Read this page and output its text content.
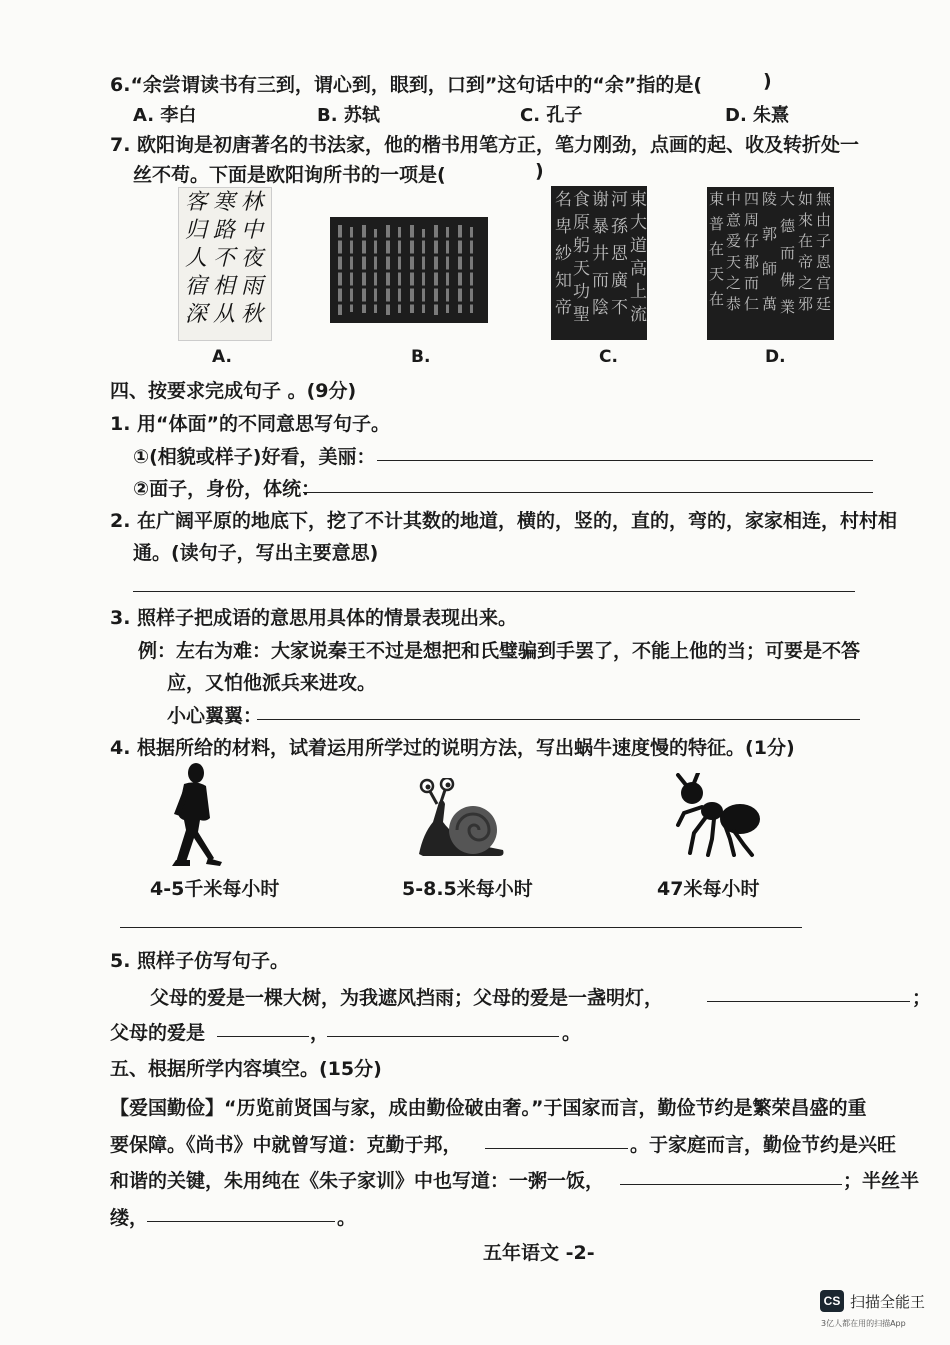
6.“余尝谓读书有三到，谓心到，眼到，口到”这句话中的“余”指的是(	)
A. 李白	B. 苏轼	C. 孔子	D. 朱熹
7. 欧阳询是初唐著名的书法家，他的楷书用笔方正，笔力刚劲，点画的起、收及转折处一
丝不苟。下面是欧阳询所书的一项是(	)
林
中
夜
雨
秋
寒
路
不
相
从
客
归
人
宿
深	東大道高上流
河孫恩廣不
谢暴井而陰
食原躬天功聖
名卑紗知帝	無由子恩宫廷
如來在帝之邪
大德而佛業
陵郭師萬
四周仔郡而仁
中意爱天之恭
東普在天在
A.	B.	C.	D.
四、按要求完成句子 。(9分)
1. 用“体面”的不同意思写句子。
①(相貌或样子)好看，美丽：
②面子，身份，体统：
2. 在广阔平原的地底下，挖了不计其数的地道，横的，竖的，直的，弯的，家家相连，村村相
通。(读句子，写出主要意思)
3. 照样子把成语的意思用具体的情景表现出来。
例：左右为难：大家说秦王不过是想把和氏璧骗到手罢了，不能上他的当；可要是不答
应，又怕他派兵来进攻。
小心翼翼：
4. 根据所给的材料，试着运用所学过的说明方法，写出蜗牛速度慢的特征。(1分)
4-5千米每小时	5-8.5米每小时	47米每小时
5. 照样子仿写句子。
父母的爱是一棵大树，为我遮风挡雨；父母的爱是一盏明灯，	；
父母的爱是	，	。
五、根据所学内容填空。(15分)
【爱国勤俭】“历览前贤国与家，成由勤俭破由奢。”于国家而言，勤俭节约是繁荣昌盛的重
要保障。《尚书》中就曾写道：克勤于邦，	。于家庭而言，勤俭节约是兴旺
和谐的关键，朱用纯在《朱子家训》中也写道：一粥一饭，	；半丝半
缕，	。
五年语文 -2-
CS 扫描全能王
3亿人都在用的扫描App
